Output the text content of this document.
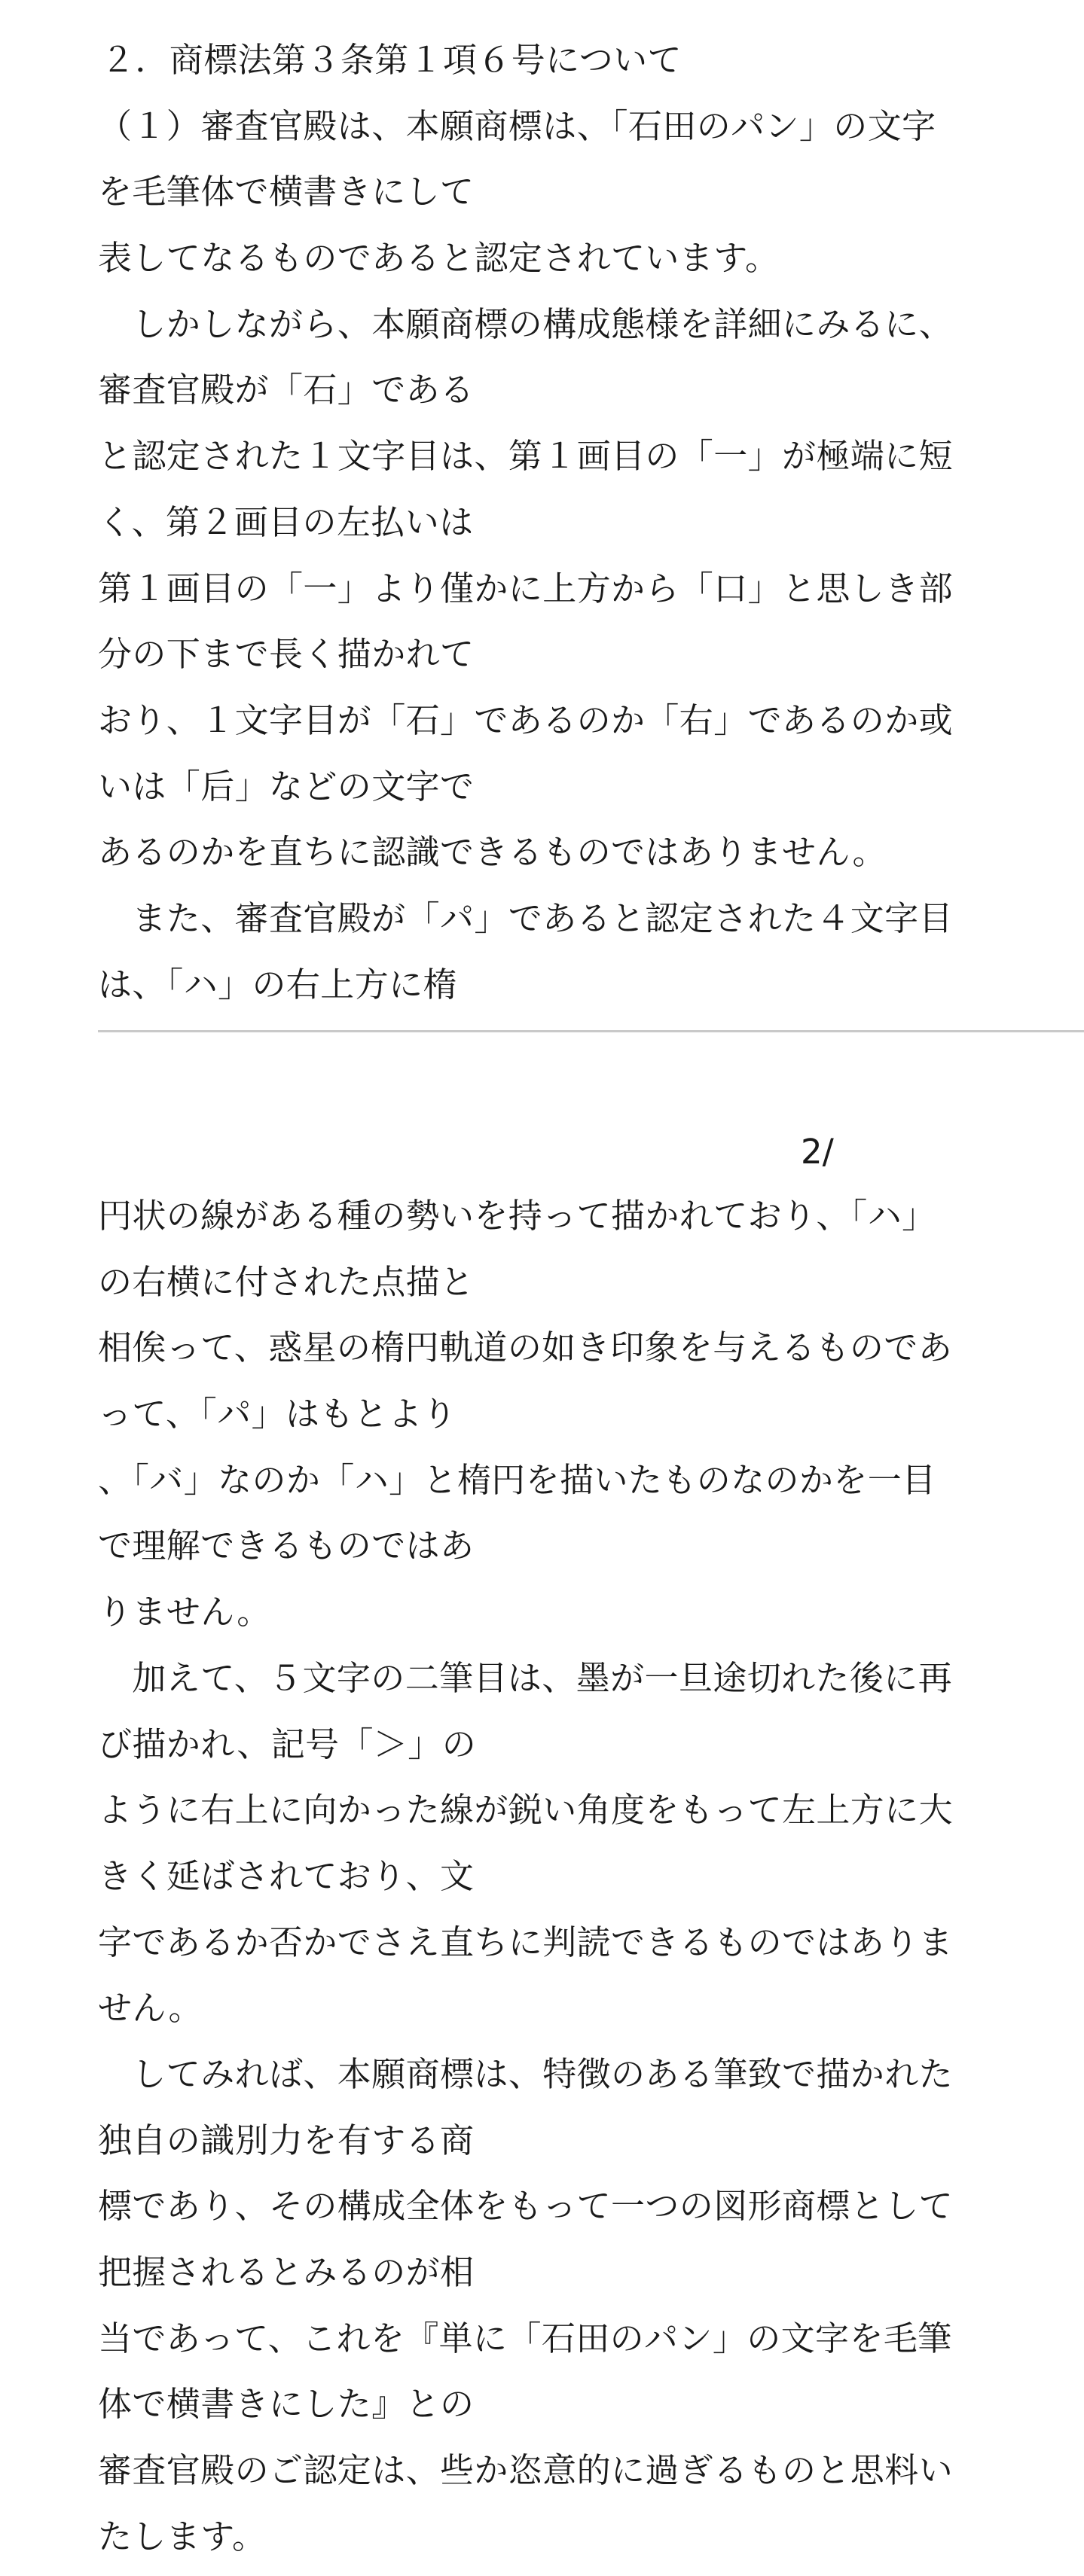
２．商標法第３条第１項６号について
（１）審査官殿は、本願商標は、「石田のパン」の文字
を毛筆体で横書きにして
表してなるものであると認定されています。
　しかしながら、本願商標の構成態様を詳細にみるに、
審査官殿が「石」である
と認定された１文字目は、第１画目の「一」が極端に短
く、第２画目の左払いは
第１画目の「一」より僅かに上方から「口」と思しき部
分の下まで長く描かれて
おり、１文字目が「石」であるのか「右」であるのか或
いは「后」などの文字で
あるのかを直ちに認識できるものではありません。
　また、審査官殿が「パ」であると認定された４文字目
は、「ハ」の右上方に楕
2/
円状の線がある種の勢いを持って描かれており、「ハ」
の右横に付された点描と
相俟って、惑星の楕円軌道の如き印象を与えるものであ
って、「パ」はもとより
、「バ」なのか「ハ」と楕円を描いたものなのかを一目
で理解できるものではあ
りません。
　加えて、５文字の二筆目は、墨が一旦途切れた後に再
び描かれ、記号「＞」の
ように右上に向かった線が鋭い角度をもって左上方に大
きく延ばされており、文
字であるか否かでさえ直ちに判読できるものではありま
せん。
　してみれば、本願商標は、特徴のある筆致で描かれた
独自の識別力を有する商
標であり、その構成全体をもって一つの図形商標として
把握されるとみるのが相
当であって、これを『単に「石田のパン」の文字を毛筆
体で横書きにした』との
審査官殿のご認定は、些か恣意的に過ぎるものと思料い
たします。
